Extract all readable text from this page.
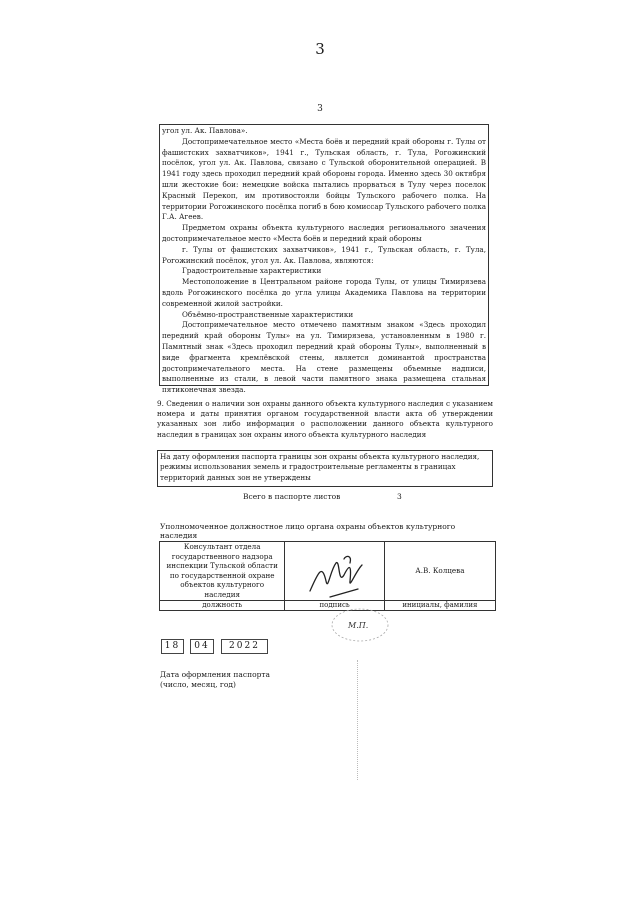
3
3

угол ул. Ак. Павлова».

Достопримечательное место «Места боёв и передний край обороны г. Тулы от фашистских захватчиков», 1941 г., Тульская область, г. Тула, Рогожинский посёлок, угол ул. Ак. Павлова, связано с Тульской оборонительной операцией. В 1941 году здесь проходил передний край обороны города. Именно здесь 30 октября шли жестокие бои: немецкие войска пытались прорваться в Тулу через поселок Красный Перекоп, им противостояли бойцы Тульского рабочего полка. На территории Рогожинского посёлка погиб в бою комиссар Тульского рабочего полка Г.А. Агеев.

Предметом охраны объекта культурного наследия регионального значения достопримечательное место «Места боёв и передний край обороны

г. Тулы от фашистских захватчиков», 1941 г., Тульская область, г. Тула, Рогожинский посёлок, угол ул. Ак. Павлова, являются:

Градостроительные характеристики

Местоположение в Центральном районе города Тулы, от улицы Тимирязева вдоль Рогожинского посёлка до угла улицы Академика Павлова на территории современной жилой застройки.

Объёмно-пространственные характеристики

Достопримечательное место отмечено памятным знаком «Здесь проходил передний край обороны Тулы» на ул. Тимирязева, установленным в 1980 г. Памятный знак «Здесь проходил передний край обороны Тулы», выполненный в виде фрагмента кремлёвской стены, является доминантой пространства достопримечательного места. На стене размещены объемные надписи, выполненные из стали, в левой части памятного знака размещена стальная пятиконечная звезда.

9. Сведения о наличии зон охраны данного объекта культурного наследия с указанием номера и даты принятия органом государственной власти акта об утверждении указанных зон либо информация о расположении данного объекта культурного наследия в границах зон охраны иного объекта культурного наследия
На дату оформления паспорта границы зон охраны объекта культурного наследия, режимы использования земель и градостроительные регламенты в границах территорий данных зон не утверждены
Всего в паспорте листов	3
Уполномоченное должностное лицо органа охраны объектов культурного наследия
Консультант отдела государственного надзора инспекции Тульской области по государственной охране объектов культурного наследия		А.В. Колцева
должность	подпись	инициалы, фамилия
М.П.
18	04	2022
Дата оформления паспорта
(число, месяц, год)
